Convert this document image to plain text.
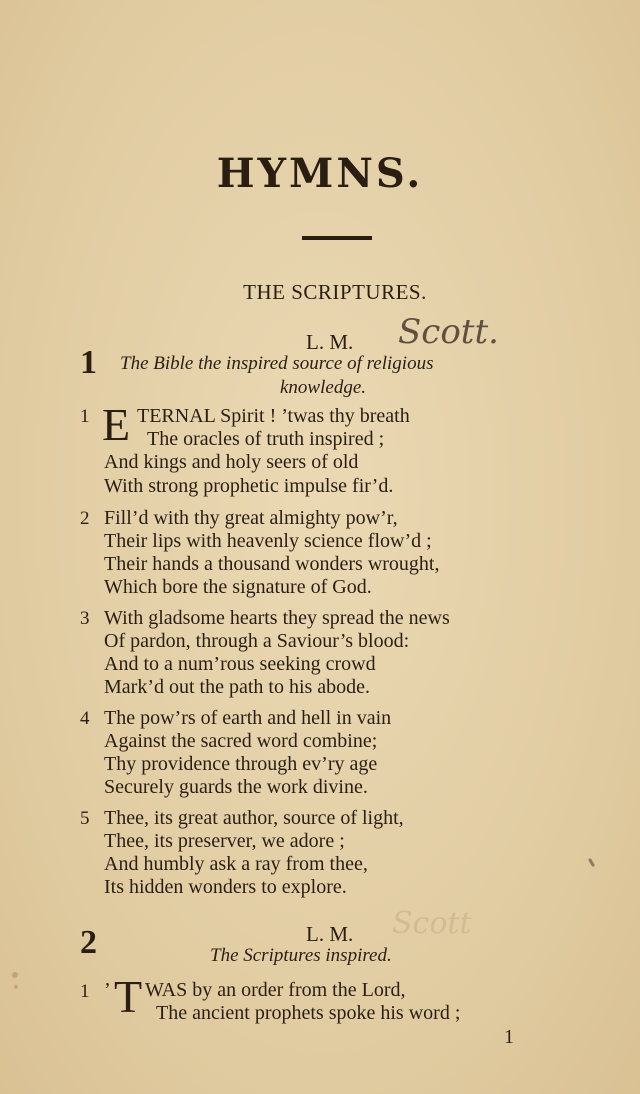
HYMNS.
THE SCRIPTURES.
L. M. Scott.
1 The Bible the inspired source of religious
knowledge.
1 E TERNAL Spirit ! ’twas thy breath
The oracles of truth inspired ;
And kings and holy seers of old
With strong prophetic impulse fir’d.
2 Fill’d with thy great almighty pow’r,
Their lips with heavenly science flow’d ;
Their hands a thousand wonders wrought,
Which bore the signature of God.
3 With gladsome hearts they spread the news
Of pardon, through a Saviour’s blood:
And to a num’rous seeking crowd
Mark’d out the path to his abode.
4 The pow’rs of earth and hell in vain
Against the sacred word combine;
Thy providence through ev’ry age
Securely guards the work divine.
5 Thee, its great author, source of light,
Thee, its preserver, we adore ;
And humbly ask a ray from thee,
Its hidden wonders to explore.
Scott
L. M.
2	The Scriptures inspired.
1 ’ T WAS by an order from the Lord,
The ancient prophets spoke his word ;
1
